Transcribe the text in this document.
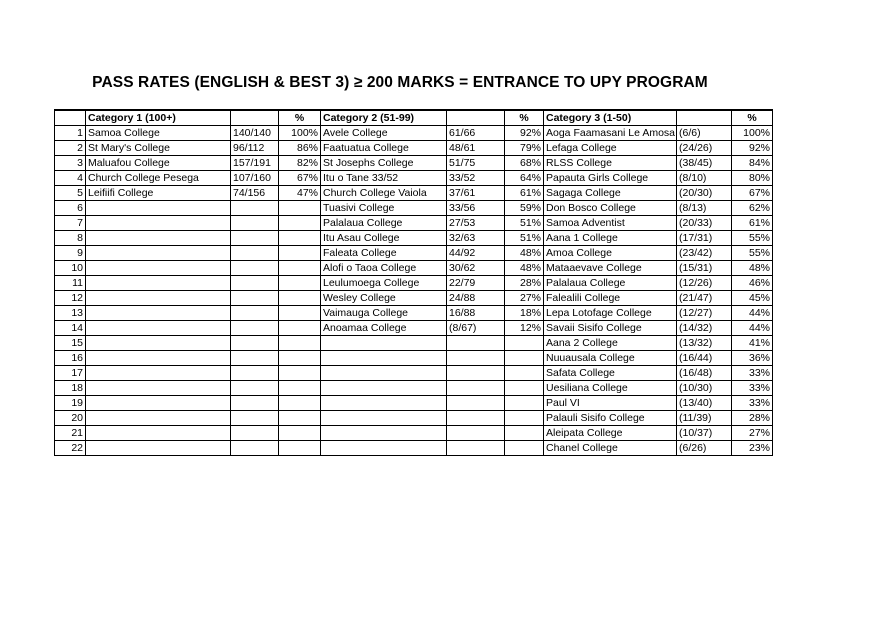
PASS RATES (ENGLISH & BEST 3) ≥ 200 MARKS = ENTRANCE TO UPY PROGRAM
	Category 1 (100+)		%	Category 2 (51-99)		%	Category 3 (1-50)		%
1	Samoa College	140/140	100%	Avele College	61/66	92%	Aoga Faamasani Le Amosa	(6/6)	100%
2	St Mary's College	96/112	86%	Faatuatua College	48/61	79%	Lefaga College	(24/26)	92%
3	Maluafou College	157/191	82%	St Josephs College	51/75	68%	RLSS College	(38/45)	84%
4	Church College Pesega	107/160	67%	Itu o Tane 33/52	33/52	64%	Papauta Girls College	(8/10)	80%
5	Leifiifi College	74/156	47%	Church College Vaiola	37/61	61%	Sagaga College	(20/30)	67%
6				Tuasivi College	33/56	59%	Don Bosco College	(8/13)	62%
7				Palalaua College	27/53	51%	Samoa Adventist	(20/33)	61%
8				Itu Asau College	32/63	51%	Aana 1 College	(17/31)	55%
9				Faleata College	44/92	48%	Amoa College	(23/42)	55%
10				Alofi o Taoa College	30/62	48%	Mataaevave College	(15/31)	48%
11				Leulumoega College	22/79	28%	Palalaua College	(12/26)	46%
12				Wesley College	24/88	27%	Falealili College	(21/47)	45%
13				Vaimauga College	16/88	18%	Lepa Lotofage College	(12/27)	44%
14				Anoamaa College	(8/67)	12%	Savaii Sisifo College	(14/32)	44%
15							Aana 2 College	(13/32)	41%
16							Nuuausala College	(16/44)	36%
17							Safata College	(16/48)	33%
18							Uesiliana College	(10/30)	33%
19							Paul VI	(13/40)	33%
20							Palauli Sisifo College	(11/39)	28%
21							Aleipata College	(10/37)	27%
22							Chanel College	(6/26)	23%
